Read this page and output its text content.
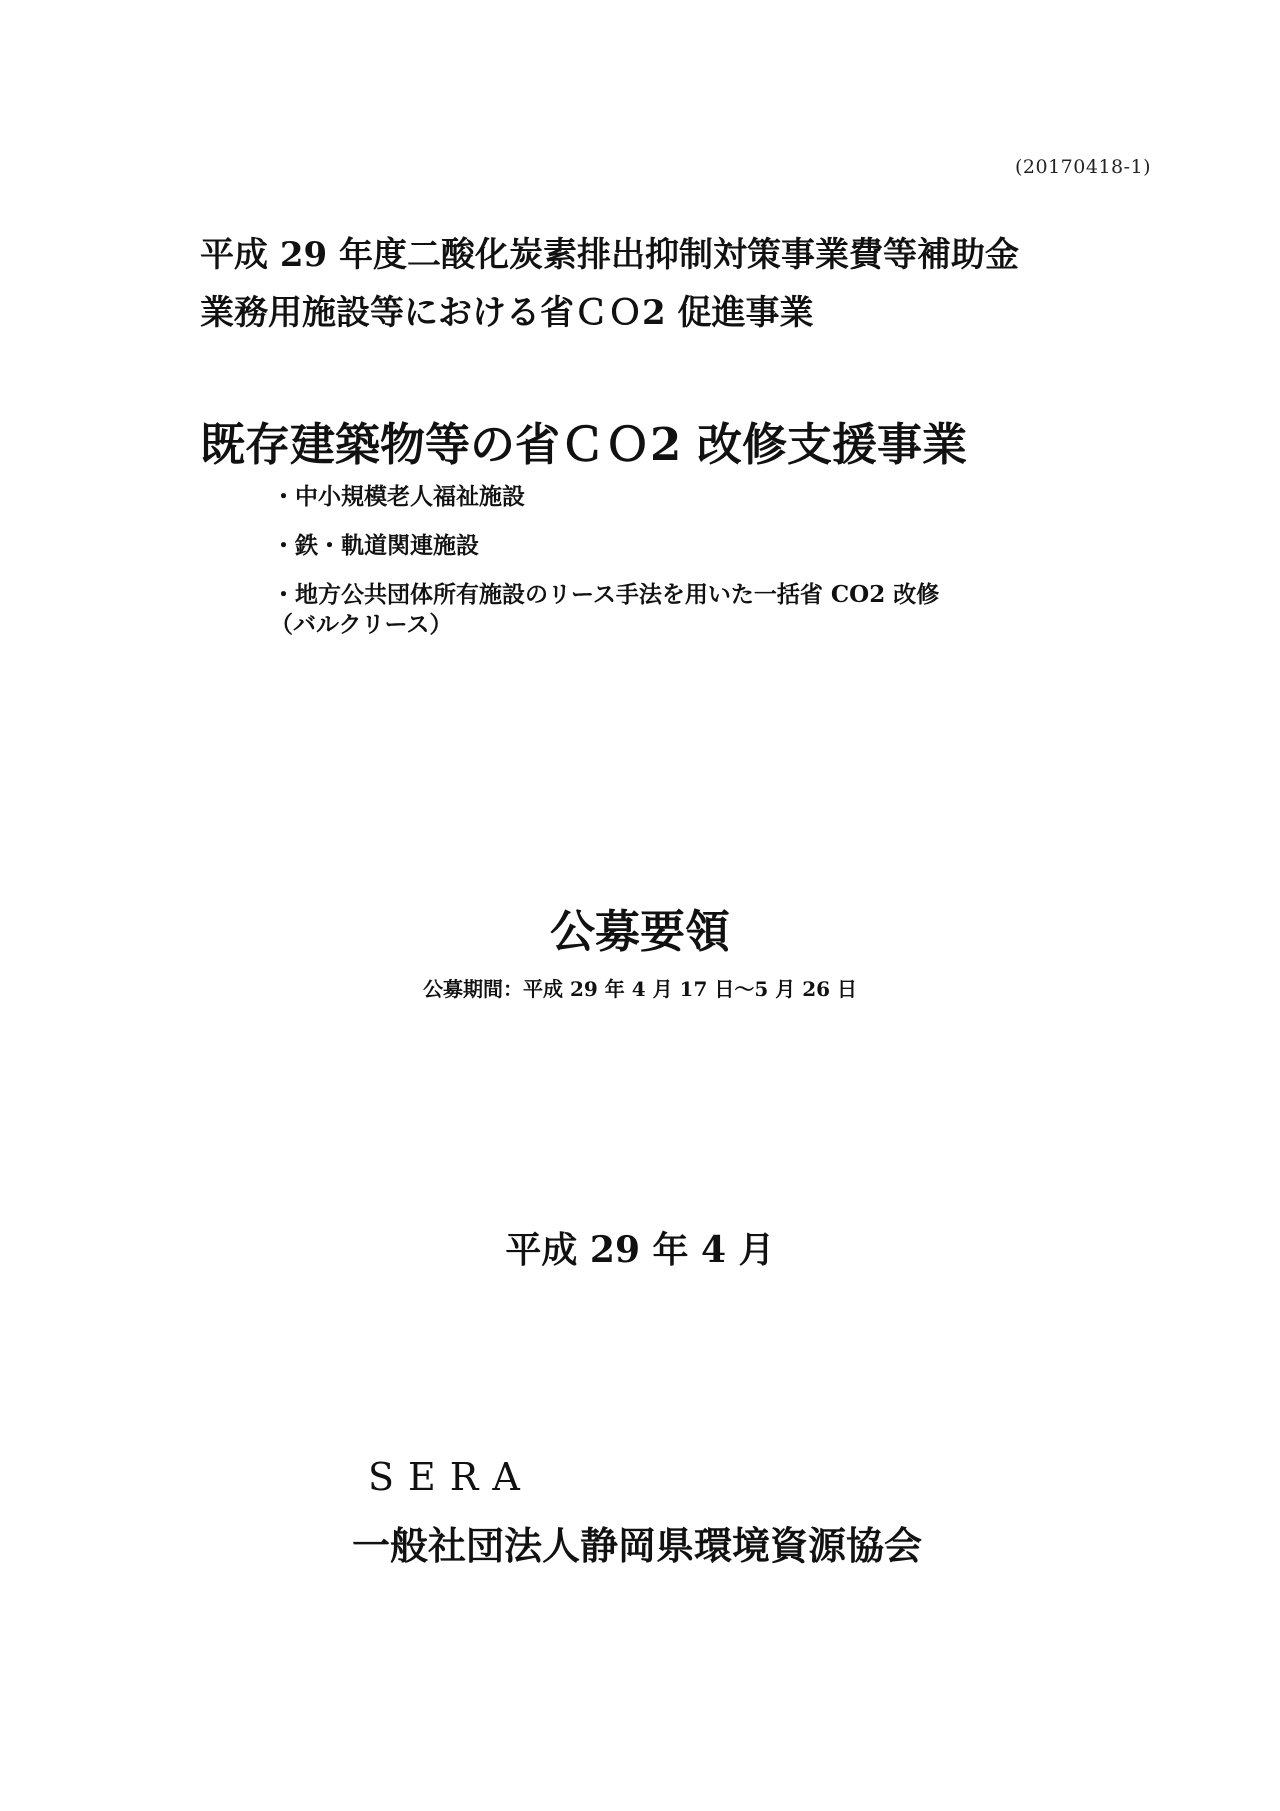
(20170418-1)
平成 29 年度二酸化炭素排出抑制対策事業費等補助金
業務用施設等における省ＣＯ2 促進事業
既存建築物等の省ＣＯ2 改修支援事業
・中小規模老人福祉施設
・鉄・軌道関連施設
・地方公共団体所有施設のリース手法を用いた一括省 CO2 改修
（バルクリース）
公募要領
公募期間：平成 29 年 4 月 17 日～5 月 26 日
平成 29 年 4 月
SERA
一般社団法人静岡県環境資源協会
